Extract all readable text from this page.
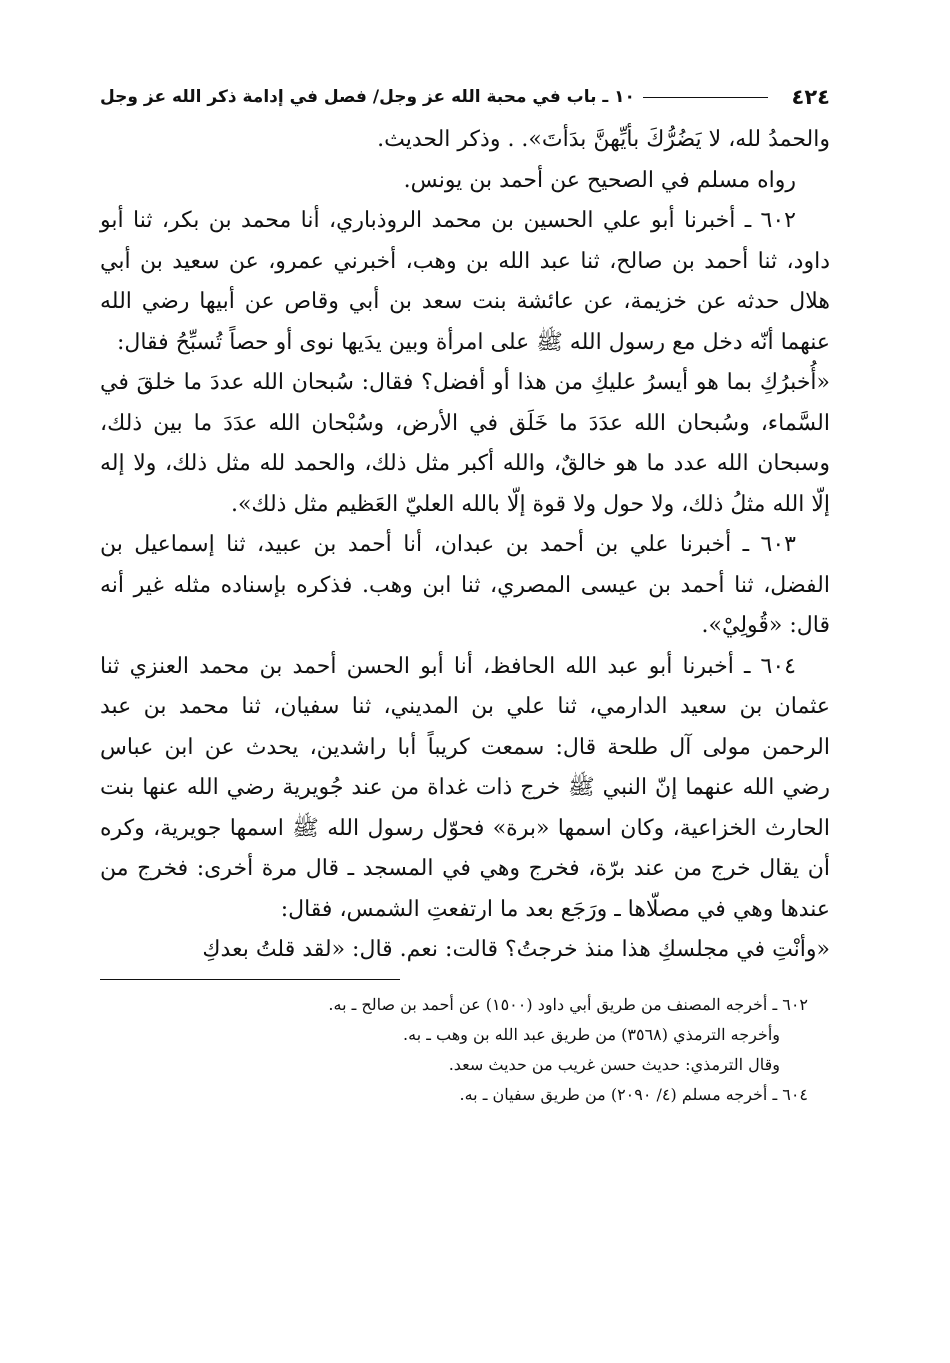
٤٢٤
١٠ ـ باب في محبة الله عز وجل/ فصل في إدامة ذكر الله عز وجل

والحمدُ لله، لا يَضُرُّكَ بأيِّهنَّ بدَأتَ». . وذكر الحديث.

رواه مسلم في الصحيح عن أحمد بن يونس.

٦٠٢ ـ أخبرنا أبو علي الحسين بن محمد الروذباري، أنا محمد بن بكر، ثنا أبو داود، ثنا أحمد بن صالح، ثنا عبد الله بن وهب، أخبرني عمرو، عن سعيد بن أبي هلال حدثه عن خزيمة، عن عائشة بنت سعد بن أبي وقاص عن أبيها رضي الله عنهما أنّه دخل مع رسول الله ﷺ على امرأة وبين يدَيها نوى أو حصاً تُسبِّحُ فقال:

«أُخبرُكِ بما هو أيسرُ عليكِ من هذا أو أفضل؟ فقال: سُبحان الله عددَ ما خلقَ في السَّماء، وسُبحان الله عدَدَ ما خَلَق في الأرض، وسُبْحان الله عدَدَ ما بين ذلك، وسبحان الله عدد ما هو خالقٌ، والله أكبر مثل ذلك، والحمد لله مثل ذلك، ولا إله إلّا الله مثلُ ذلك، ولا حول ولا قوة إلّا بالله العليّ العَظيم مثل ذلك».

٦٠٣ ـ أخبرنا علي بن أحمد بن عبدان، أنا أحمد بن عبيد، ثنا إسماعيل بن الفضل، ثنا أحمد بن عيسى المصري، ثنا ابن وهب. فذكره بإسناده مثله غير أنه قال: «قُولِيْ».

٦٠٤ ـ أخبرنا أبو عبد الله الحافظ، أنا أبو الحسن أحمد بن محمد العنزي ثنا عثمان بن سعيد الدارمي، ثنا علي بن المديني، ثنا سفيان، ثنا محمد بن عبد الرحمن مولى آل طلحة قال: سمعت كريباً أبا راشدين، يحدث عن ابن عباس رضي الله عنهما إنّ النبي ﷺ خرج ذات غداة من عند جُويرية رضي الله عنها بنت الحارث الخزاعية، وكان اسمها «برة» فحوّل رسول الله ﷺ اسمها جويرية، وكره أن يقال خرج من عند برّة، فخرج وهي في المسجد ـ قال مرة أخرى: فخرج من عندها وهي في مصلّاها ـ ورَجَع بعد ما ارتفعتِ الشمس، فقال:

«وأنْتِ في مجلسكِ هذا منذ خرجتُ؟ قالت: نعم. قال: «لقد قلتُ بعدكِ

٦٠٢ ـ أخرجه المصنف من طريق أبي داود (١٥٠٠) عن أحمد بن صالح ـ به.

وأخرجه الترمذي (٣٥٦٨) من طريق عبد الله بن وهب ـ به.

وقال الترمذي: حديث حسن غريب من حديث سعد.

٦٠٤ ـ أخرجه مسلم (٤/ ٢٠٩٠) من طريق سفيان ـ به.
